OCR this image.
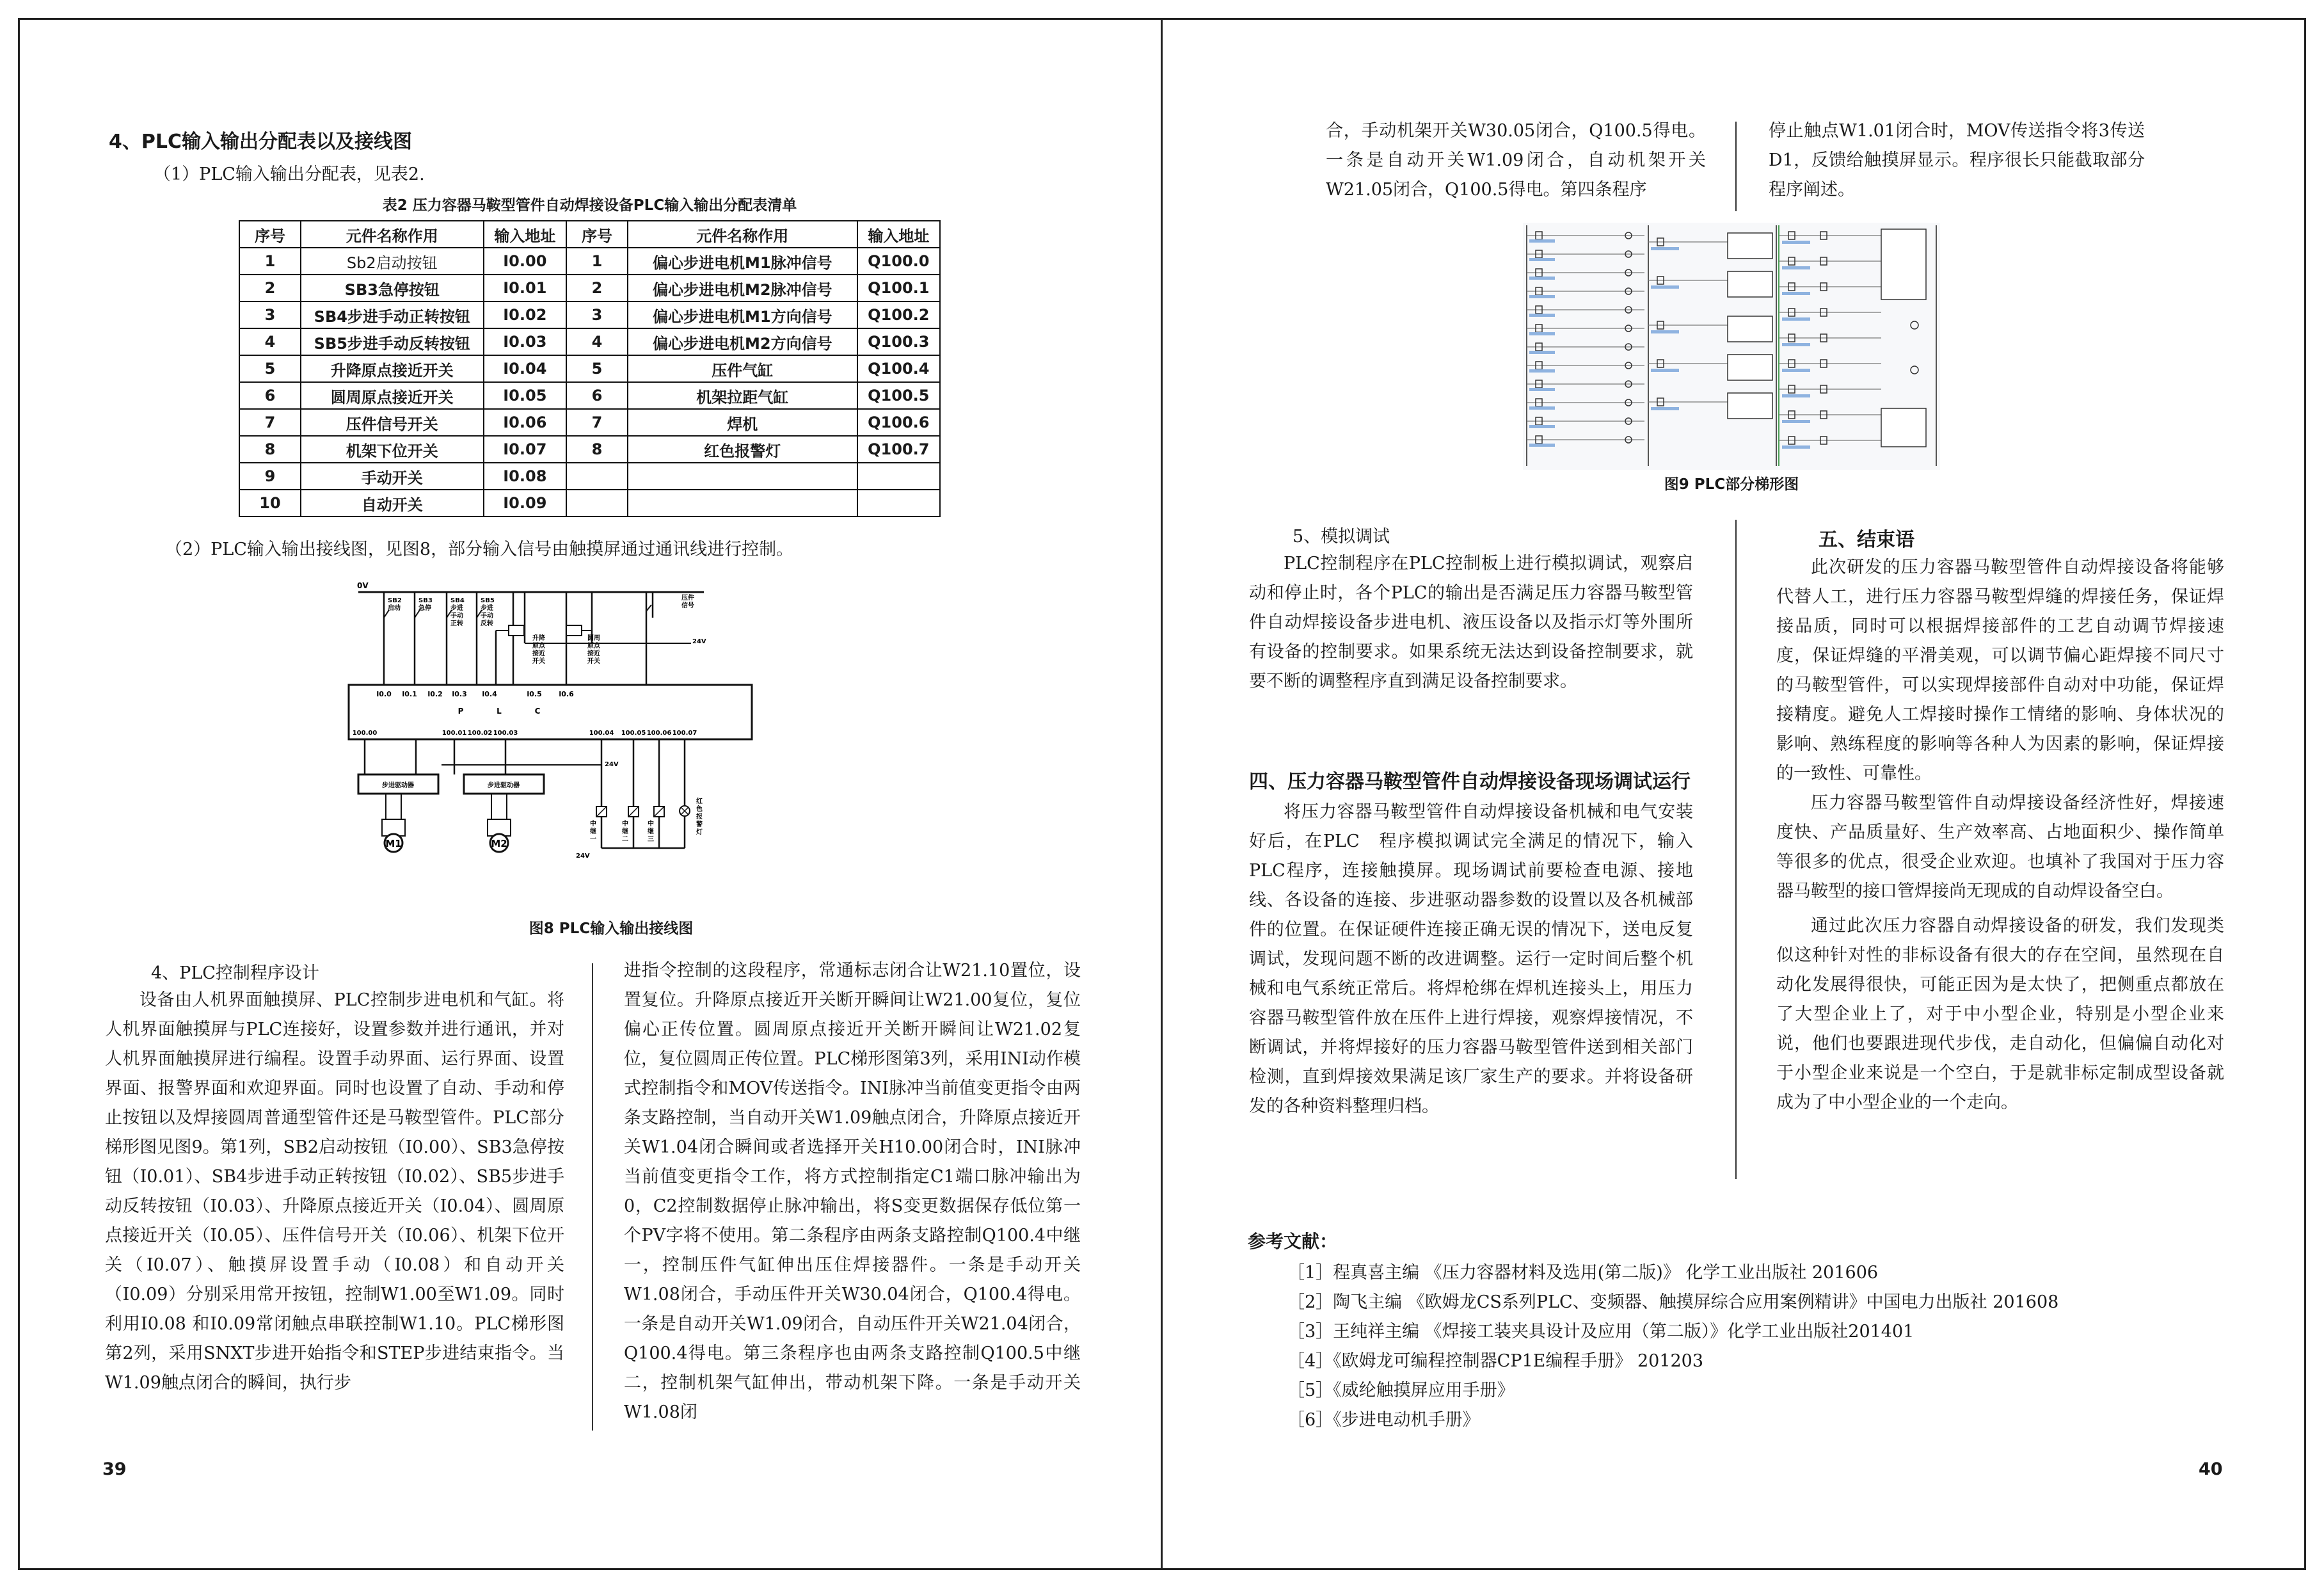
4、PLC输入输出分配表以及接线图
（1）PLC输入输出分配表，见表2.
表2 压力容器马鞍型管件自动焊接设备PLC输入输出分配表清单
序号	元件名称作用	输入地址	序号	元件名称作用	输入地址
1	Sb2启动按钮	I0.00	1	偏心步进电机M1脉冲信号	Q100.0
2	SB3急停按钮	I0.01	2	偏心步进电机M2脉冲信号	Q100.1
3	SB4步进手动正转按钮	I0.02	3	偏心步进电机M1方向信号	Q100.2
4	SB5步进手动反转按钮	I0.03	4	偏心步进电机M2方向信号	Q100.3
5	升降原点接近开关	I0.04	5	压件气缸	Q100.4
6	圆周原点接近开关	I0.05	6	机架拉距气缸	Q100.5
7	压件信号开关	I0.06	7	焊机	Q100.6
8	机架下位开关	I0.07	8	红色报警灯	Q100.7
9	手动开关	I0.08			
10	自动开关	I0.09			
（2）PLC输入输出接线图，见图8，部分输入信号由触摸屏通过通讯线进行控制。
0V
SB2
启动
SB3
急停
SB4
步进
手动
正转
SB5
步进
手动
反转
升降
原点
接近
开关
圆周
原点
接近
开关
24V
压件
信号
I0.0 I0.1 I0.2 I0.3 I0.4	I0.5 I0.6
P	L	C
100.00	100.01 100.02 100.03	100.04 100.05 100.06 100.07
步进驱动器	步进驱动器
24V
M1	M2
中
继
一
中
继
二
中
继
三
红
色
报
警
灯
24V
图8 PLC输入输出接线图
4、PLC控制程序设计

设备由人机界面触摸屏、PLC控制步进电机和气缸。将人机界面触摸屏与PLC连接好，设置参数并进行通讯，并对人机界面触摸屏进行编程。设置手动界面、运行界面、设置界面、报警界面和欢迎界面。同时也设置了自动、手动和停止按钮以及焊接圆周普通型管件还是马鞍型管件。PLC部分梯形图见图9。第1列，SB2启动按钮（I0.00）、SB3急停按钮（I0.01）、SB4步进手动正转按钮（I0.02）、SB5步进手动反转按钮（I0.03）、升降原点接近开关（I0.04）、圆周原点接近开关（I0.05）、压件信号开关（I0.06）、机架下位开关（I0.07）、触摸屏设置手动（I0.08）和自动开关（I0.09）分别采用常开按钮，控制W1.00至W1.09。同时利用I0.08 和I0.09常闭触点串联控制W1.10。PLC梯形图第2列，采用SNXT步进开始指令和STEP步进结束指令。当W1.09触点闭合的瞬间，执行步

进指令控制的这段程序，常通标志闭合让W21.10置位，设置复位。升降原点接近开关断开瞬间让W21.00复位，复位偏心正传位置。圆周原点接近开关断开瞬间让W21.02复位，复位圆周正传位置。PLC梯形图第3列，采用INI动作模式控制指令和MOV传送指令。INI脉冲当前值变更指令由两条支路控制，当自动开关W1.09触点闭合，升降原点接近开关W1.04闭合瞬间或者选择开关H10.00闭合时，INI脉冲当前值变更指令工作，将方式控制指定C1端口脉冲输出为0，C2控制数据停止脉冲输出，将S变更数据保存低位第一个PV字将不使用。第二条程序由两条支路控制Q100.4中继一，控制压件气缸伸出压住焊接器件。一条是手动开关W1.08闭合，手动压件开关W30.04闭合，Q100.4得电。一条是自动开关W1.09闭合，自动压件开关W21.04闭合，Q100.4得电。第三条程序也由两条支路控制Q100.5中继二，控制机架气缸伸出，带动机架下降。一条是手动开关W1.08闭

39

合，手动机架开关W30.05闭合，Q100.5得电。一条是自动开关W1.09闭合，自动机架开关W21.05闭合，Q100.5得电。第四条程序

停止触点W1.01闭合时，MOV传送指令将3传送D1，反馈给触摸屏显示。程序很长只能截取部分程序阐述。

图9 PLC部分梯形图
5、模拟调试

PLC控制程序在PLC控制板上进行模拟调试，观察启动和停止时，各个PLC的输出是否满足压力容器马鞍型管件自动焊接设备步进电机、液压设备以及指示灯等外围所有设备的控制要求。如果系统无法达到设备控制要求，就要不断的调整程序直到满足设备控制要求。

四、压力容器马鞍型管件自动焊接设备现场调试运行

将压力容器马鞍型管件自动焊接设备机械和电气安装好后，在PLC　程序模拟调试完全满足的情况下，输入PLC程序，连接触摸屏。现场调试前要检查电源、接地线、各设备的连接、步进驱动器参数的设置以及各机械部件的位置。在保证硬件连接正确无误的情况下，送电反复调试，发现问题不断的改进调整。运行一定时间后整个机械和电气系统正常后。将焊枪绑在焊机连接头上，用压力容器马鞍型管件放在压件上进行焊接，观察焊接情况，不断调试，并将焊接好的压力容器马鞍型管件送到相关部门检测，直到焊接效果满足该厂家生产的要求。并将设备研发的各种资料整理归档。

五、结束语

此次研发的压力容器马鞍型管件自动焊接设备将能够代替人工，进行压力容器马鞍型焊缝的焊接任务，保证焊接品质，同时可以根据焊接部件的工艺自动调节焊接速度，保证焊缝的平滑美观，可以调节偏心距焊接不同尺寸的马鞍型管件，可以实现焊接部件自动对中功能，保证焊接精度。避免人工焊接时操作工情绪的影响、身体状况的影响、熟练程度的影响等各种人为因素的影响，保证焊接的一致性、可靠性。

压力容器马鞍型管件自动焊接设备经济性好，焊接速度快、产品质量好、生产效率高、占地面积少、操作简单等很多的优点，很受企业欢迎。也填补了我国对于压力容器马鞍型的接口管焊接尚无现成的自动焊设备空白。

通过此次压力容器自动焊接设备的研发，我们发现类似这种针对性的非标设备有很大的存在空间，虽然现在自动化发展得很快，可能正因为是太快了，把侧重点都放在了大型企业上了，对于中小型企业，特别是小型企业来说，他们也要跟进现代步伐，走自动化，但偏偏自动化对于小型企业来说是一个空白，于是就非标定制成型设备就成为了中小型企业的一个走向。

参考文献：
［1］程真喜主编 《压力容器材料及选用(第二版)》 化学工业出版社 201606
［2］陶飞主编 《欧姆龙CS系列PLC、变频器、触摸屏综合应用案例精讲》中国电力出版社 201608
［3］王纯祥主编 《焊接工装夹具设计及应用（第二版）》化学工业出版社201401
［4］《欧姆龙可编程控制器CP1E编程手册》 201203
［5］《威纶触摸屏应用手册》
［6］《步进电动机手册》
40
